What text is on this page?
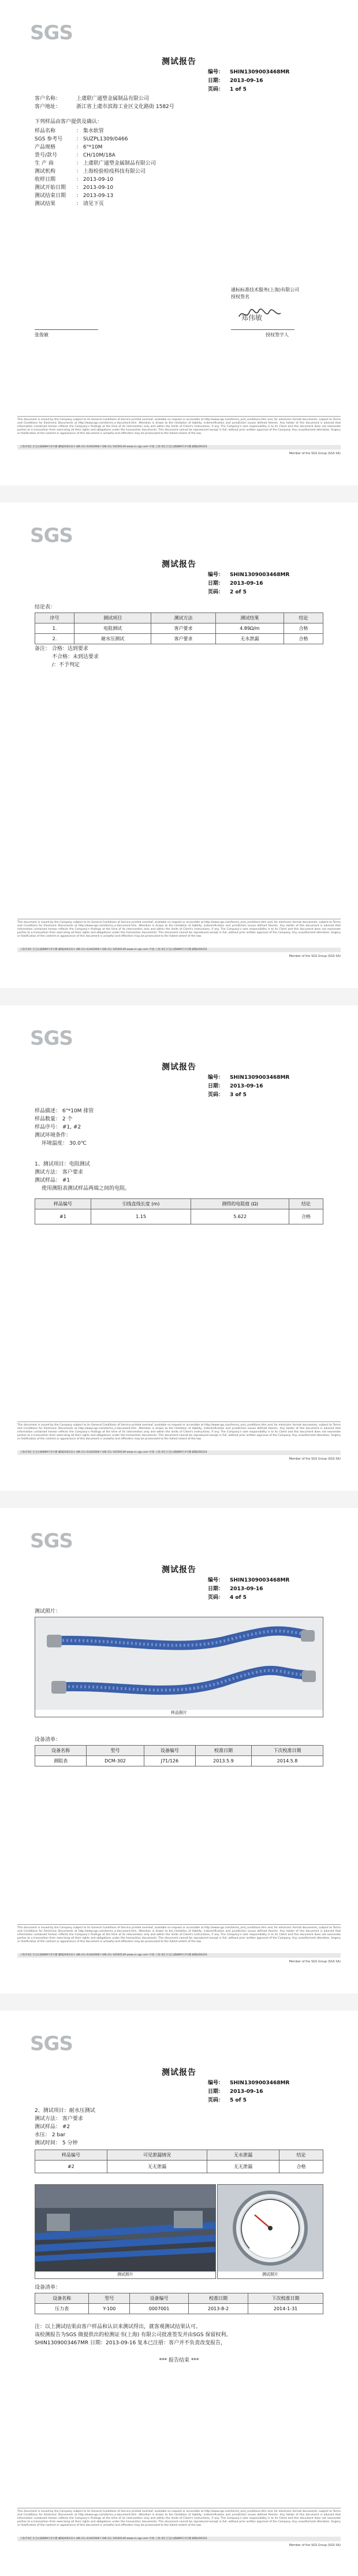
SGS
测试报告
编号： SHIN1309003468MR
日期： 2013-09-16
页码： 1 of 5
客户名称：	上虞联广通塑金属制品有限公司
客户地址：	浙江省上虞市滨海工业区文化路街 1582号
下列样品由客户提供及确认：
样品名称	： 集水软管
SGS 参考号	： SUZPL1309/0466
产品规格	： 6"*10M
货号/款号	： CH/10M/18A
生 产 商	： 上虞联广通塑金属制品有限公司
测试机构	： 上海检验检疫科技有限公司
收样日期	： 2013-09-10
测试开始日期	： 2013-09-10
测试结束日期	： 2013-09-13
测试结果	： 请见下页
通标标准技术服务(上海)有限公司
授权签名
郑伟敏
张俊敏	授权签字人
This document is issued by the Company subject to its General Conditions of Service printed overleaf, available on request or accessible at http://www.sgs.com/terms_and_conditions.htm and, for electronic format documents, subject to Terms and Conditions for Electronic Documents at http://www.sgs.com/terms_e-document.htm. Attention is drawn to the limitation of liability, indemnification and jurisdiction issues defined therein. Any holder of this document is advised that information contained hereon reflects the Company's findings at the time of its intervention only and within the limits of Client's instructions, if any. The Company's sole responsibility is to its Client and this document does not exonerate parties to a transaction from exercising all their rights and obligations under the transaction documents. This document cannot be reproduced except in full, without prior written approval of the Company. Any unauthorized alteration, forgery or falsification of the content or appearance of this document is unlawful and offenders may be prosecuted to the fullest extent of the law.
上海市徐汇区宜山路889号3号楼 邮编200233 t (86-21) 61402666 f (86-21) 54500149 www.cn.sgs.com 中国·上海·徐汇区宜山路889号3号楼 邮编200233
Member of the SGS Group (SGS SA)
SGS
测试报告
编号： SHIN1309003468MR
日期： 2013-09-16
页码： 2 of 5
结论表：
序号	测试项目	测试方法	测试结果	结论
1.	电阻测试	客户要求	4.89Ω/m	合格
2.	耐水压测试	客户要求	无水泄漏	合格
备注： 合格：达到要求
不合格：未到达要求
/：不予判定
This document is issued by the Company subject to its General Conditions of Service printed overleaf, available on request or accessible at http://www.sgs.com/terms_and_conditions.htm and, for electronic format documents, subject to Terms and Conditions for Electronic Documents at http://www.sgs.com/terms_e-document.htm. Attention is drawn to the limitation of liability, indemnification and jurisdiction issues defined therein. Any holder of this document is advised that information contained hereon reflects the Company's findings at the time of its intervention only and within the limits of Client's instructions, if any. The Company's sole responsibility is to its Client and this document does not exonerate parties to a transaction from exercising all their rights and obligations under the transaction documents. This document cannot be reproduced except in full, without prior written approval of the Company. Any unauthorized alteration, forgery or falsification of the content or appearance of this document is unlawful and offenders may be prosecuted to the fullest extent of the law.
上海市徐汇区宜山路889号3号楼 邮编200233 t (86-21) 61402666 f (86-21) 54500149 www.cn.sgs.com 中国·上海·徐汇区宜山路889号3号楼 邮编200233
Member of the SGS Group (SGS SA)
SGS
测试报告
编号： SHIN1309003468MR
日期： 2013-09-16
页码： 3 of 5
样品描述： 6"*10M 排管
样品数量： 2 个
样品序号： #1, #2
测试环境条件：
环境温度： 30.0℃
1、测试项目：电阻测试
测试方法： 客户要求
测试样品： #1
使用测阻表测试样品两端之间的电阻。
样品编号	引线直线长度 (m)	测得的电阻值 (Ω)	结论
#1	1.15	5.622	合格
This document is issued by the Company subject to its General Conditions of Service printed overleaf, available on request or accessible at http://www.sgs.com/terms_and_conditions.htm and, for electronic format documents, subject to Terms and Conditions for Electronic Documents at http://www.sgs.com/terms_e-document.htm. Attention is drawn to the limitation of liability, indemnification and jurisdiction issues defined therein. Any holder of this document is advised that information contained hereon reflects the Company's findings at the time of its intervention only and within the limits of Client's instructions, if any. The Company's sole responsibility is to its Client and this document does not exonerate parties to a transaction from exercising all their rights and obligations under the transaction documents. This document cannot be reproduced except in full, without prior written approval of the Company. Any unauthorized alteration, forgery or falsification of the content or appearance of this document is unlawful and offenders may be prosecuted to the fullest extent of the law.
上海市徐汇区宜山路889号3号楼 邮编200233 t (86-21) 61402666 f (86-21) 54500149 www.cn.sgs.com 中国·上海·徐汇区宜山路889号3号楼 邮编200233
Member of the SGS Group (SGS SA)
SGS
测试报告
编号： SHIN1309003468MR
日期： 2013-09-16
页码： 4 of 5
测试照片：
样品照片
设备清单：
设备名称	型号	设备编号	校准日期	下次校准日期
测阻表	DCM-302	J71/126	2013.5.9	2014.5.8
This document is issued by the Company subject to its General Conditions of Service printed overleaf, available on request or accessible at http://www.sgs.com/terms_and_conditions.htm and, for electronic format documents, subject to Terms and Conditions for Electronic Documents at http://www.sgs.com/terms_e-document.htm. Attention is drawn to the limitation of liability, indemnification and jurisdiction issues defined therein. Any holder of this document is advised that information contained hereon reflects the Company's findings at the time of its intervention only and within the limits of Client's instructions, if any. The Company's sole responsibility is to its Client and this document does not exonerate parties to a transaction from exercising all their rights and obligations under the transaction documents. This document cannot be reproduced except in full, without prior written approval of the Company. Any unauthorized alteration, forgery or falsification of the content or appearance of this document is unlawful and offenders may be prosecuted to the fullest extent of the law.
上海市徐汇区宜山路889号3号楼 邮编200233 t (86-21) 61402666 f (86-21) 54500149 www.cn.sgs.com 中国·上海·徐汇区宜山路889号3号楼 邮编200233
Member of the SGS Group (SGS SA)
SGS
测试报告
编号： SHIN1309003468MR
日期： 2013-09-16
页码： 5 of 5
2、测试项目：耐水压测试
测试方法： 客户要求
测试样品： #2
水压： 2 bar
测试时间： 5 分钟
样品编号	可见泄漏情况	无水泄漏	结论
#2	无无泄漏	无无泄漏	合格
测试照片	测试照片
设备清单：
设备名称	型号	设备编号	校准日期	下次校准日期
压力表	Y-100	0007001	2013-8-2	2014-1-31
注：以上测试结果由客户样品和认识来测试得出，就客观测试结果认可。
该检测报告为SGS 做提供出的检测证书(上海) 有限公司批准签发并由SGS 保留权利。
SHIN1309003467MR 日期：2013-09-16 复本已注册：客户并不负责改变报告，
*** 报告结束 ***
This document is issued by the Company subject to its General Conditions of Service printed overleaf, available on request or accessible at http://www.sgs.com/terms_and_conditions.htm and, for electronic format documents, subject to Terms and Conditions for Electronic Documents at http://www.sgs.com/terms_e-document.htm. Attention is drawn to the limitation of liability, indemnification and jurisdiction issues defined therein. Any holder of this document is advised that information contained hereon reflects the Company's findings at the time of its intervention only and within the limits of Client's instructions, if any. The Company's sole responsibility is to its Client and this document does not exonerate parties to a transaction from exercising all their rights and obligations under the transaction documents. This document cannot be reproduced except in full, without prior written approval of the Company. Any unauthorized alteration, forgery or falsification of the content or appearance of this document is unlawful and offenders may be prosecuted to the fullest extent of the law.
上海市徐汇区宜山路889号3号楼 邮编200233 t (86-21) 61402666 f (86-21) 54500149 www.cn.sgs.com 中国·上海·徐汇区宜山路889号3号楼 邮编200233
Member of the SGS Group (SGS SA)
